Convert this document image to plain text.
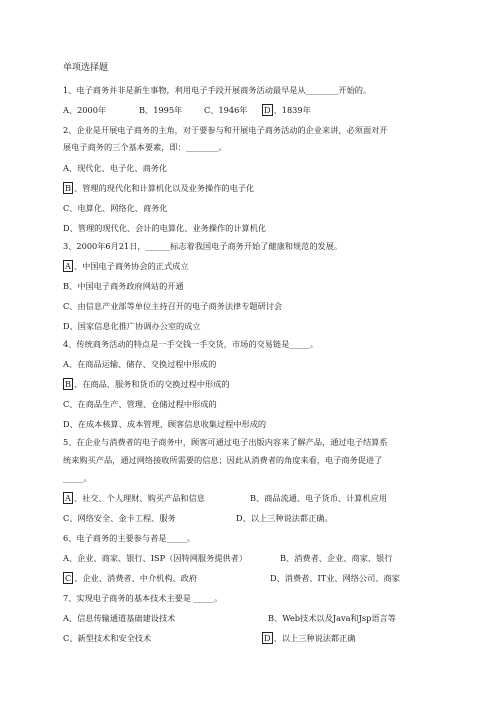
单项选择题
1、电子商务并非是新生事物，利用电子手段开展商务活动最早是从________开始的。
A、2000年	B、1995年	C、1946年 D 、1839年
2、企业是开展电子商务的主角，对于要参与和开展电子商务活动的企业来讲，必须面对开
展电子商务的三个基本要素，即：________。
A、现代化、电子化、商务化
B 、管理的现代化和计算机化以及业务操作的电子化
C、电算化、网络化、商务化
D、管理的现代化、会计的电算化、业务操作的计算机化
3、2000年6月21日，______标志着我国电子商务开始了健康和规范的发展。
A 、中国电子商务协会的正式成立
B、中国电子商务政府网站的开通
C、由信息产业部等单位主持召开的电子商务法律专题研讨会
D、国家信息化推广协调办公室的成立
4、传统商务活动的特点是一手交钱一手交货，市场的交易链是_____。
A、在商品运输、储存、交换过程中形成的
B 、在商品、服务和货币的交换过程中形成的
C、在商品生产、管理、仓储过程中形成的
D、在成本核算、成本管理、顾客信息收集过程中形成的
5、在企业与消费者的电子商务中，顾客可通过电子出版内容来了解产品，通过电子结算系
统来购买产品，通过网络接收所需要的信息；因此从消费者的角度来看，电子商务促进了
_____。
A 、社交、个人理财、购买产品和信息	B、商品流通、电子货币、计算机应用
C、网络安全、金卡工程、服务	D、以上三种说法都正确。
6、电子商务的主要参与者是_____。
A、企业、商家、银行、ISP（因特网服务提供者）	B、消费者、企业、商家、银行
C 、企业、消费者、中介机构、政府	D、消费者、IT业、网络公司、商家
7、实现电子商务的基本技术主要是 _____。
A、信息传输通道基础建设技术	B、Web技术以及Java和Jsp语言等
C、新型技术和安全技术	D 、以上三种说法都正确
